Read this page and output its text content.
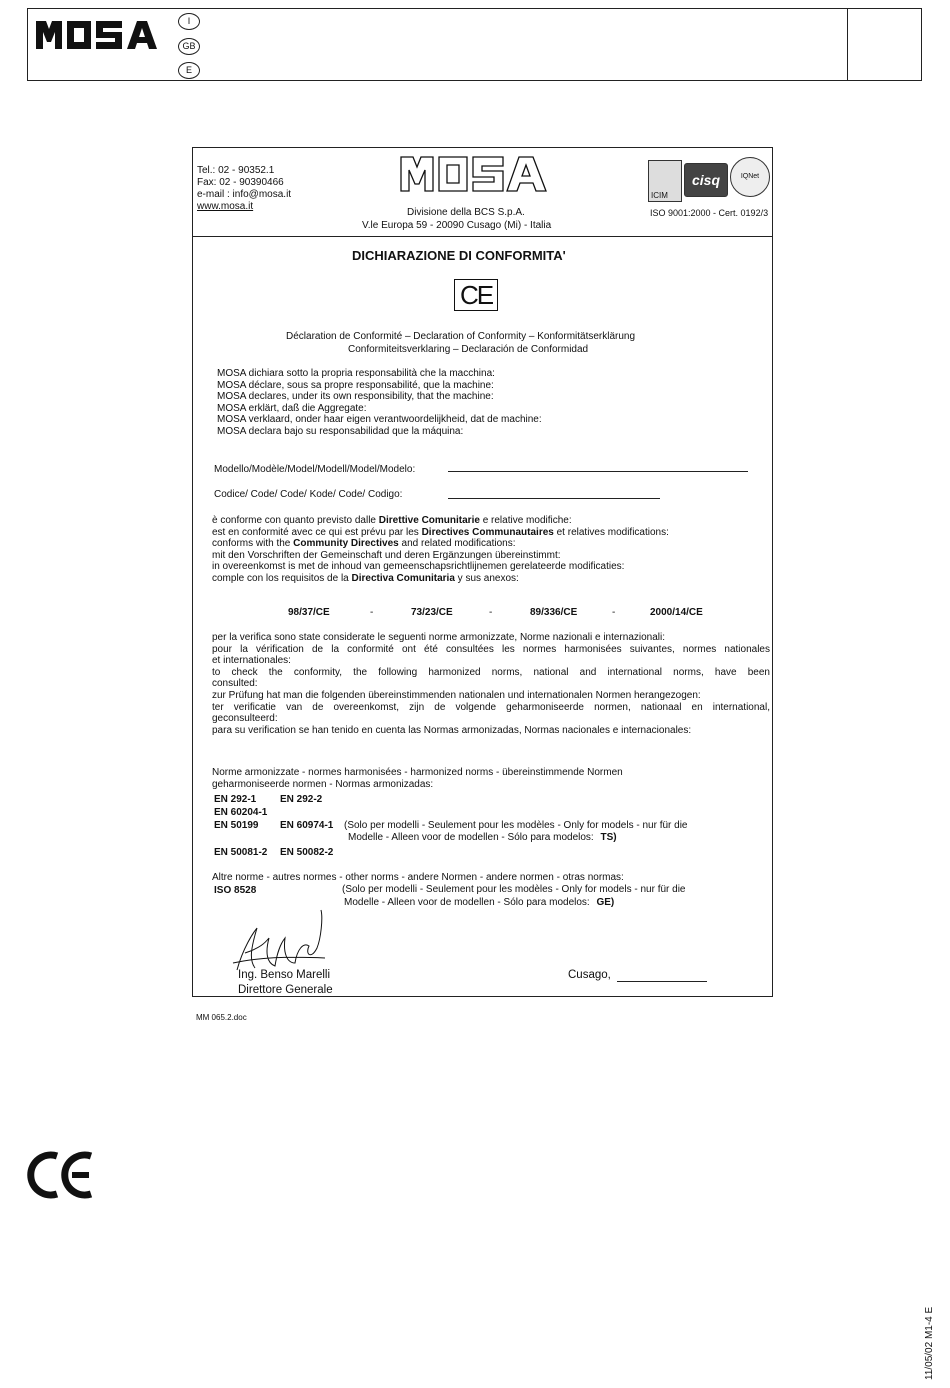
I
GB
E
Tel.: 02 - 90352.1
Fax: 02 - 90390466
e-mail : info@mosa.it
www.mosa.it
Divisione della BCS S.p.A.
V.le Europa 59 - 20090 Cusago (Mi) - Italia
ICIM
cisq	IQNet
ISO 9001:2000 - Cert. 0192/3
DICHIARAZIONE DI CONFORMITA'
CE
Déclaration de Conformité – Declaration of Conformity – Konformitätserklärung
Conformiteitsverklaring – Declaración de Conformidad
MOSA dichiara sotto la propria responsabilità che la macchina:
MOSA déclare, sous sa propre responsabilité, que la machine:
MOSA declares, under its own responsibility, that the machine:
MOSA erklärt, daß die Aggregate:
MOSA verklaard, onder haar eigen verantwoordelijkheid, dat de machine:
MOSA declara bajo su responsabilidad que la máquina:
Modello/Modèle/Model/Modell/Model/Modelo:
Codice/ Code/ Code/ Kode/ Code/ Codigo:
è conforme con quanto previsto dalle Direttive Comunitarie e relative modifiche:
est en conformité avec ce qui est prévu par les Directives Communautaires et relatives modifications:
conforms with the Community Directives and related modifications:
mit den Vorschriften der Gemeinschaft und deren Ergänzungen übereinstimmt:
in overeenkomst is met de inhoud van gemeenschapsrichtlijnemen gerelateerde modificaties:
comple con los requisitos de la Directiva Comunitaria y sus anexos:
98/37/CE	-	73/23/CE	-	89/336/CE	-	2000/14/CE
per la verifica sono state considerate le seguenti norme armonizzate, Norme nazionali e internazionali:
pour la vérification de la conformité ont été consultées les normes harmonisées suivantes, normes nationales
et internationales:
to check the conformity, the following harmonized norms, national and international norms, have been
consulted:
zur Prüfung hat man die folgenden übereinstimmenden nationalen und internationalen Normen herangezogen:
ter verificatie van de overeenkomst, zijn de volgende geharmoniseerde normen, nationaal en international,
geconsulteerd:
para su verification se han tenido en cuenta las Normas armonizadas, Normas nacionales e internacionales:
Norme armonizzate - normes harmonisées - harmonized norms - übereinstimmende Normen
geharmoniseerde normen - Normas armonizadas:
EN 292-1 EN 292-2
EN 60204-1
EN 50199 EN 60974-1 (Solo per modelli - Seulement pour les modèles - Only for models - nur für die
Modelle - Alleen voor de modellen - Sólo para modelos: TS)
EN 50081-2 EN 50082-2
Altre norme - autres normes - other norms - andere Normen - andere normen - otras normas:
ISO 8528	(Solo per modelli - Seulement pour les modèles - Only for models - nur für die
Modelle - Alleen voor de modellen - Sólo para modelos: GE)
Ing. Benso Marelli
Direttore Generale
Cusago,
MM 065.2.doc
11/05/02 M1-4 E
